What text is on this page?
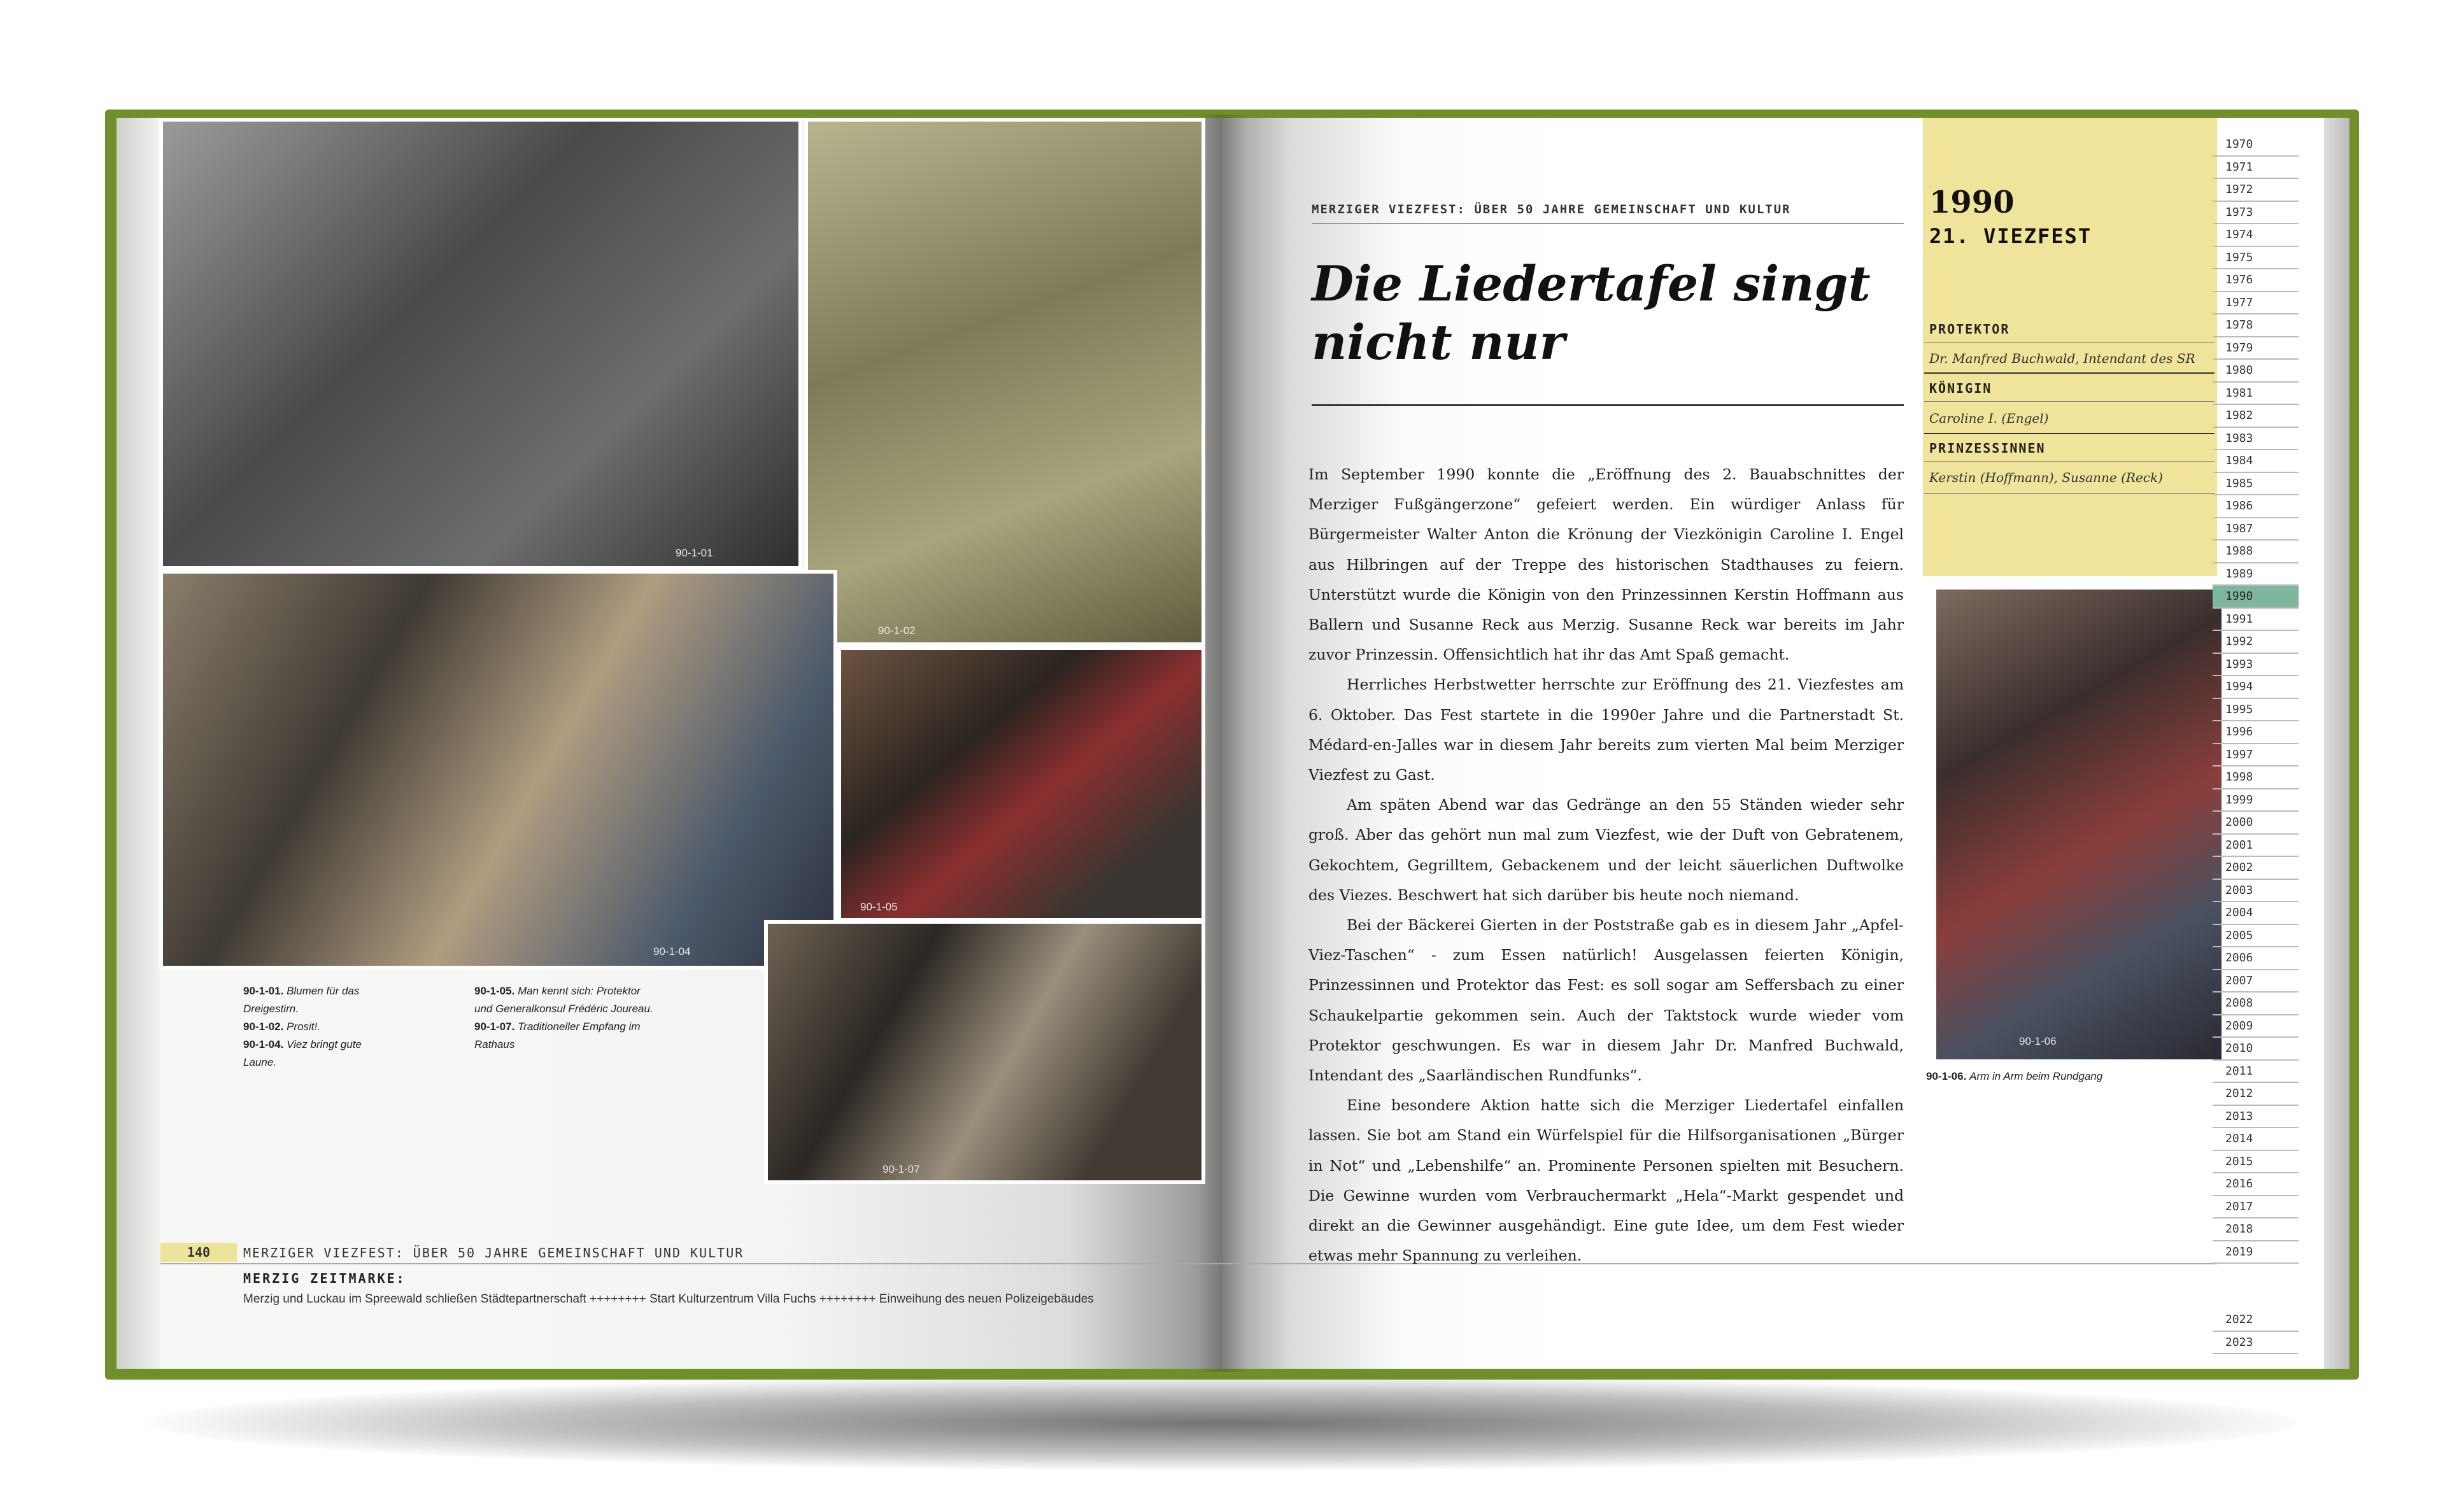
90-1-01
90-1-02
90-1-04
90-1-05
90-1-07
90-1-01. Blumen für das Dreigestirn.
90-1-02. Prosit!.
90-1-04. Viez bringt gute Laune.
90-1-05. Man kennt sich: Protektor und Generalkonsul Frédéric Joureau.
90-1-07. Traditioneller Empfang im Rathaus
140	MERZIGER VIEZFEST: ÜBER 50 JAHRE GEMEINSCHAFT UND KULTUR
MERZIG ZEITMARKE:
Merzig und Luckau im Spreewald schließen Städtepartnerschaft ++++++++ Start Kulturzentrum Villa Fuchs ++++++++ Einweihung des neuen Polizeigebäudes
MERZIGER VIEZFEST: ÜBER 50 JAHRE GEMEINSCHAFT UND KULTUR
Die Liedertafel singt nicht nur

Im September 1990 konnte die „Eröffnung des 2. Bauabschnittes der Merziger Fußgängerzone“ gefeiert werden. Ein würdiger Anlass für Bürgermeister Walter Anton die Krönung der Viezkönigin Caroline I. Engel aus Hilbringen auf der Treppe des historischen Stadthauses zu feiern. Unterstützt wurde die Königin von den Prinzessinnen Kerstin Hoffmann aus Ballern und Susanne Reck aus Merzig. Susanne Reck war bereits im Jahr zuvor Prinzessin. Offensichtlich hat ihr das Amt Spaß gemacht.

Herrliches Herbstwetter herrschte zur Eröffnung des 21. Viezfestes am 6. Oktober. Das Fest startete in die 1990er Jahre und die Partnerstadt St. Médard-en-Jalles war in diesem Jahr bereits zum vierten Mal beim Merziger Viezfest zu Gast.

Am späten Abend war das Gedränge an den 55 Ständen wieder sehr groß. Aber das gehört nun mal zum Viezfest, wie der Duft von Gebratenem, Gekochtem, Gegrilltem, Gebackenem und der leicht säuerlichen Duftwolke des Viezes. Beschwert hat sich darüber bis heute noch niemand.

Bei der Bäckerei Gierten in der Poststraße gab es in diesem Jahr „Apfel-Viez-Taschen“ - zum Essen natürlich! Ausgelassen feierten Königin, Prinzessinnen und Protektor das Fest: es soll sogar am Seffersbach zu einer Schaukelpartie gekommen sein. Auch der Taktstock wurde wieder vom Protektor geschwungen. Es war in diesem Jahr Dr. Manfred Buchwald, Intendant des „Saarländischen Rundfunks“.

Eine besondere Aktion hatte sich die Merziger Liedertafel einfallen lassen. Sie bot am Stand ein Würfelspiel für die Hilfsorganisationen „Bürger in Not“ und „Lebenshilfe“ an. Prominente Personen spielten mit Besuchern. Die Gewinne wurden vom Verbrauchermarkt „Hela“-Markt gespendet und direkt an die Gewinner ausgehändigt. Eine gute Idee, um dem Fest wieder etwas mehr Spannung zu verleihen.

1990
21. VIEZFEST
PROTEKTOR
Dr. Manfred Buchwald, Intendant des SR
KÖNIGIN
Caroline I. (Engel)
PRINZESSINNEN
Kerstin (Hoffmann), Susanne (Reck)
90-1-06
90-1-06. Arm in Arm beim Rundgang
1970
1971
1972
1973
1974
1975
1976
1977
1978
1979
1980
1981
1982
1983
1984
1985
1986
1987
1988
1989
1990
1991
1992
1993
1994
1995
1996
1997
1998
1999
2000
2001
2002
2003
2004
2005
2006
2007
2008
2009
2010
2011
2012
2013
2014
2015
2016
2017
2018
2019
2022
2023
